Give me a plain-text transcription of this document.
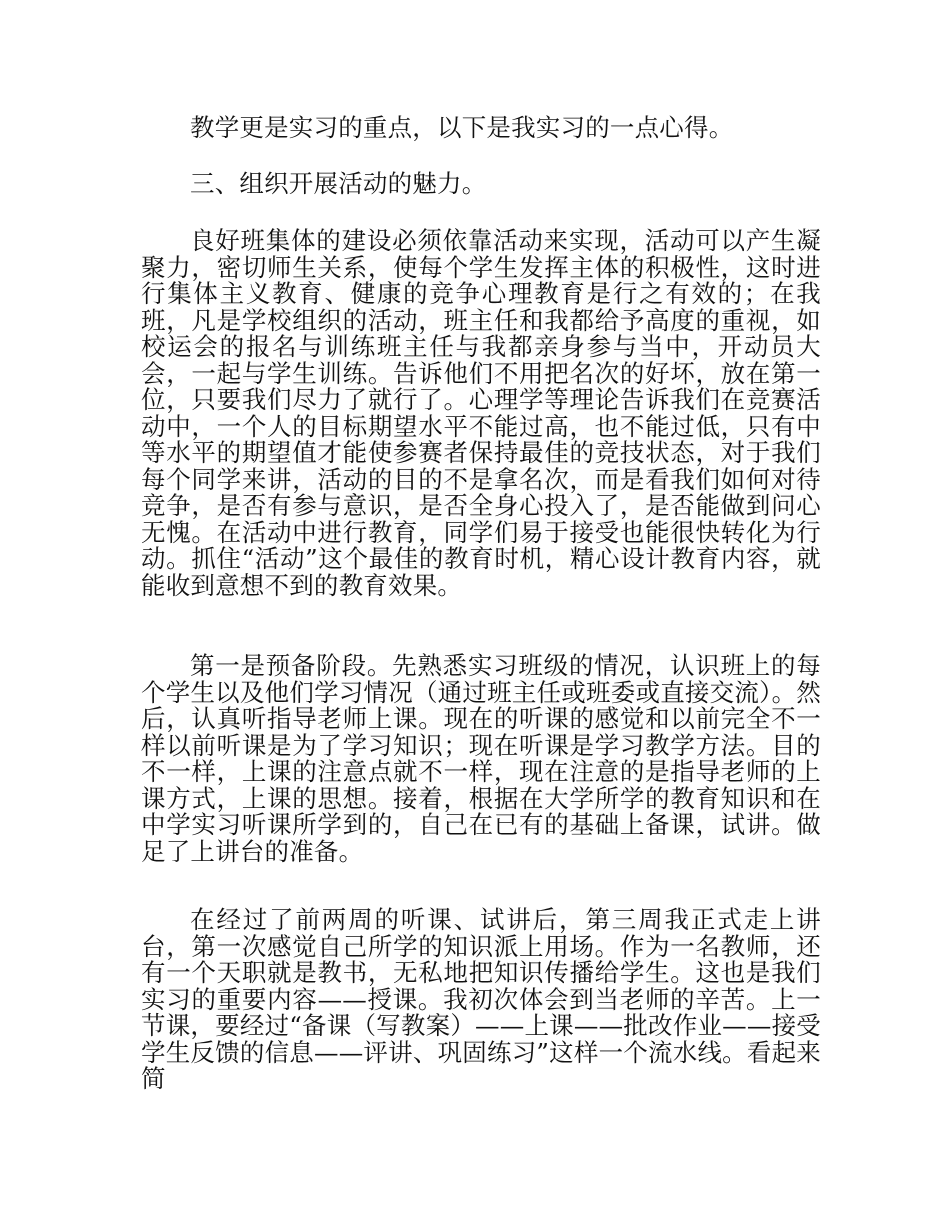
教学更是实习的重点，以下是我实习的一点心得。

三、组织开展活动的魅力。

良好班集体的建设必须依靠活动来实现，活动可以产生凝聚力，密切师生关系，使每个学生发挥主体的积极性，这时进行集体主义教育、健康的竞争心理教育是行之有效的；在我班，凡是学校组织的活动，班主任和我都给予高度的重视，如校运会的报名与训练班主任与我都亲身参与当中，开动员大会，一起与学生训练。告诉他们不用把名次的好坏，放在第一位，只要我们尽力了就行了。心理学等理论告诉我们在竞赛活动中，一个人的目标期望水平不能过高，也不能过低，只有中等水平的期望值才能使参赛者保持最佳的竞技状态，对于我们每个同学来讲，活动的目的不是拿名次，而是看我们如何对待竞争，是否有参与意识，是否全身心投入了，是否能做到问心无愧。在活动中进行教育，同学们易于接受也能很快转化为行动。抓住“活动”这个最佳的教育时机，精心设计教育内容，就能收到意想不到的教育效果。

第一是预备阶段。先熟悉实习班级的情况，认识班上的每个学生以及他们学习情况（通过班主任或班委或直接交流）。然后，认真听指导老师上课。现在的听课的感觉和以前完全不一样以前听课是为了学习知识；现在听课是学习教学方法。目的不一样，上课的注意点就不一样，现在注意的是指导老师的上课方式，上课的思想。接着，根据在大学所学的教育知识和在中学实习听课所学到的，自己在已有的基础上备课，试讲。做足了上讲台的准备。

在经过了前两周的听课、试讲后，第三周我正式走上讲台，第一次感觉自己所学的知识派上用场。作为一名教师，还有一个天职就是教书，无私地把知识传播给学生。这也是我们实习的重要内容——授课。我初次体会到当老师的辛苦。上一节课，要经过“备课（写教案）——上课——批改作业——接受学生反馈的信息——评讲、巩固练习”这样一个流水线。看起来简
